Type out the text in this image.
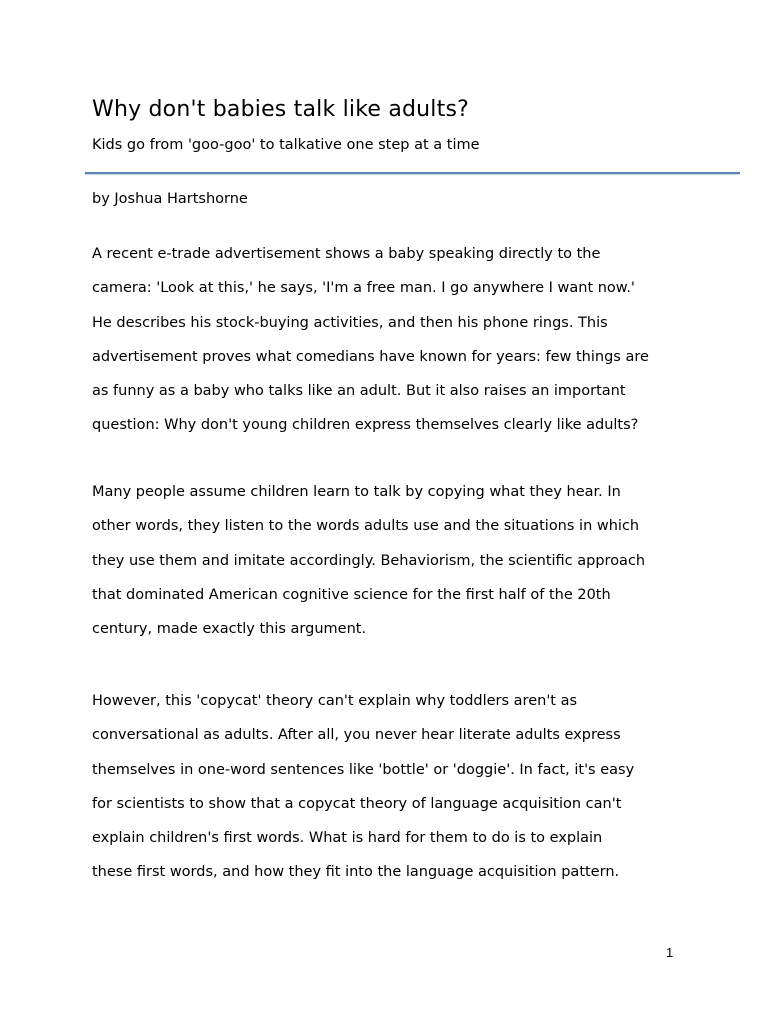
Why don't babies talk like adults?
Kids go from 'goo-goo' to talkative one step at a time
by Joshua Hartshorne
A recent e-trade advertisement shows a baby speaking directly to the
camera: 'Look at this,' he says, 'I'm a free man. I go anywhere I want now.'
He describes his stock-buying activities, and then his phone rings. This
advertisement proves what comedians have known for years: few things are
as funny as a baby who talks like an adult. But it also raises an important
question: Why don't young children express themselves clearly like adults?
Many people assume children learn to talk by copying what they hear. In
other words, they listen to the words adults use and the situations in which
they use them and imitate accordingly. Behaviorism, the scientific approach
that dominated American cognitive science for the first half of the 20th
century, made exactly this argument.
However, this 'copycat' theory can't explain why toddlers aren't as
conversational as adults. After all, you never hear literate adults express
themselves in one-word sentences like 'bottle' or 'doggie'. In fact, it's easy
for scientists to show that a copycat theory of language acquisition can't
explain children's first words. What is hard for them to do is to explain
these first words, and how they fit into the language acquisition pattern.
1
